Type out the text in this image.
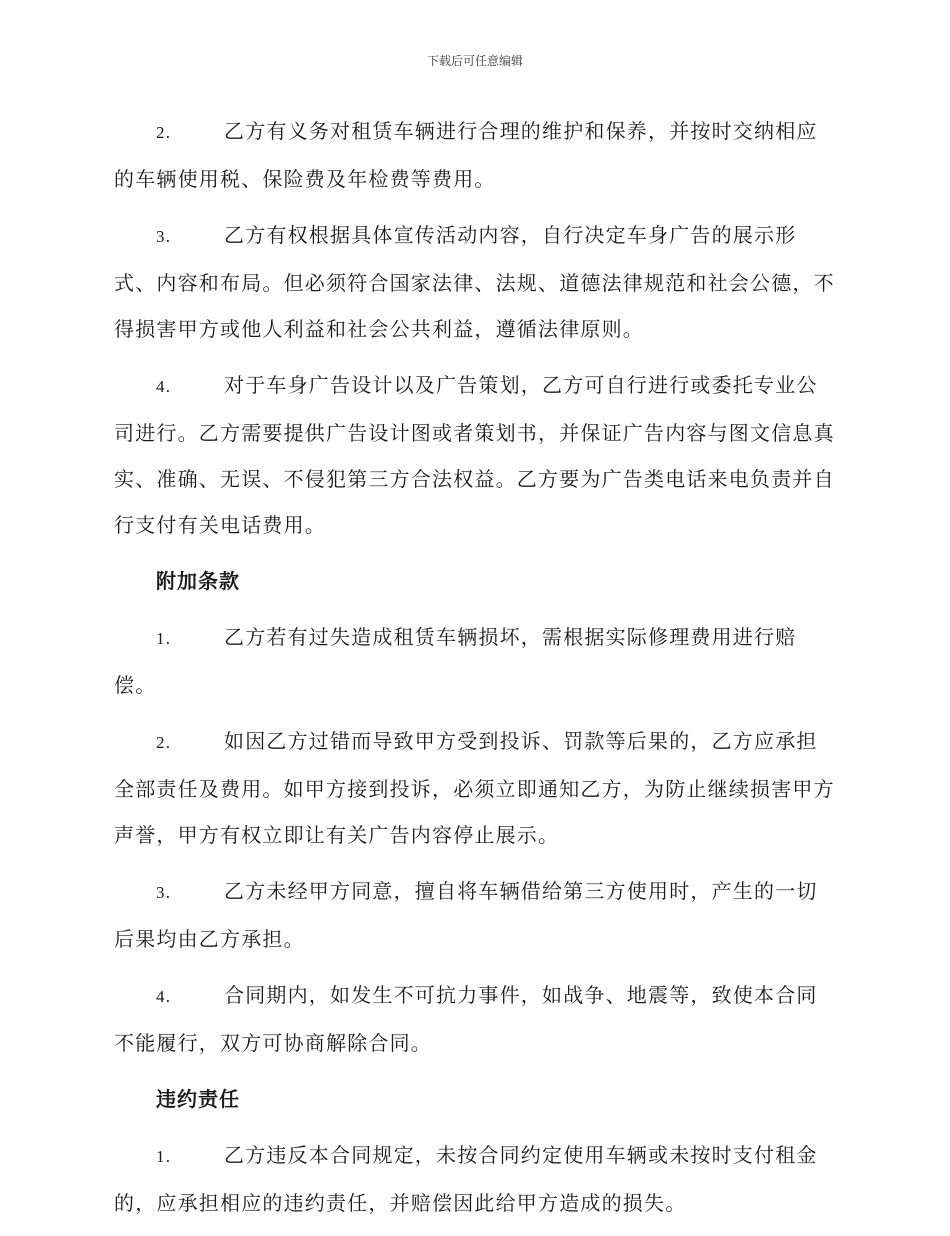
下载后可任意编辑

2.	乙方有义务对租赁车辆进行合理的维护和保养，并按时交纳相应的车辆使用税、保险费及年检费等费用。

3.	乙方有权根据具体宣传活动内容，自行决定车身广告的展示形式、内容和布局。但必须符合国家法律、法规、道德法律规范和社会公德，不得损害甲方或他人利益和社会公共利益，遵循法律原则。

4.	对于车身广告设计以及广告策划，乙方可自行进行或委托专业公司进行。乙方需要提供广告设计图或者策划书，并保证广告内容与图文信息真实、准确、无误、不侵犯第三方合法权益。乙方要为广告类电话来电负责并自行支付有关电话费用。

附加条款

1.	乙方若有过失造成租赁车辆损坏，需根据实际修理费用进行赔偿。

2.	如因乙方过错而导致甲方受到投诉、罚款等后果的，乙方应承担全部责任及费用。如甲方接到投诉，必须立即通知乙方，为防止继续损害甲方声誉，甲方有权立即让有关广告内容停止展示。

3.	乙方未经甲方同意，擅自将车辆借给第三方使用时，产生的一切后果均由乙方承担。

4.	合同期内，如发生不可抗力事件，如战争、地震等，致使本合同不能履行，双方可协商解除合同。

违约责任

1.	乙方违反本合同规定，未按合同约定使用车辆或未按时支付租金的，应承担相应的违约责任，并赔偿因此给甲方造成的损失。
